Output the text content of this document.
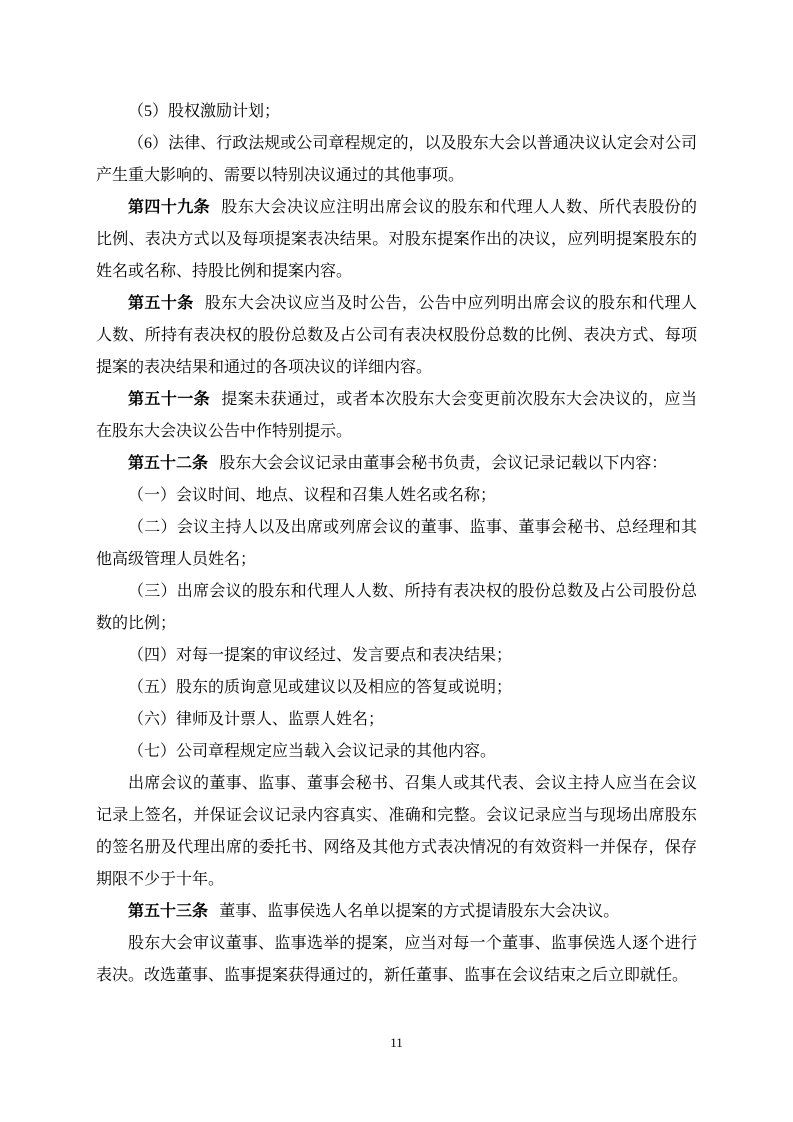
（5）股权激励计划；

（6）法律、行政法规或公司章程规定的，以及股东大会以普通决议认定会对公司产生重大影响的、需要以特别决议通过的其他事项。

第四十九条 股东大会决议应注明出席会议的股东和代理人人数、所代表股份的比例、表决方式以及每项提案表决结果。对股东提案作出的决议，应列明提案股东的姓名或名称、持股比例和提案内容。

第五十条 股东大会决议应当及时公告，公告中应列明出席会议的股东和代理人人数、所持有表决权的股份总数及占公司有表决权股份总数的比例、表决方式、每项提案的表决结果和通过的各项决议的详细内容。

第五十一条 提案未获通过，或者本次股东大会变更前次股东大会决议的，应当在股东大会决议公告中作特别提示。

第五十二条 股东大会会议记录由董事会秘书负责，会议记录记载以下内容：

（一）会议时间、地点、议程和召集人姓名或名称；

（二）会议主持人以及出席或列席会议的董事、监事、董事会秘书、总经理和其他高级管理人员姓名；

（三）出席会议的股东和代理人人数、所持有表决权的股份总数及占公司股份总数的比例；

（四）对每一提案的审议经过、发言要点和表决结果；

（五）股东的质询意见或建议以及相应的答复或说明；

（六）律师及计票人、监票人姓名；

（七）公司章程规定应当载入会议记录的其他内容。

出席会议的董事、监事、董事会秘书、召集人或其代表、会议主持人应当在会议记录上签名，并保证会议记录内容真实、准确和完整。会议记录应当与现场出席股东的签名册及代理出席的委托书、网络及其他方式表决情况的有效资料一并保存，保存期限不少于十年。

第五十三条 董事、监事侯选人名单以提案的方式提请股东大会决议。

股东大会审议董事、监事选举的提案，应当对每一个董事、监事侯选人逐个进行表决。改选董事、监事提案获得通过的，新任董事、监事在会议结束之后立即就任。

11
